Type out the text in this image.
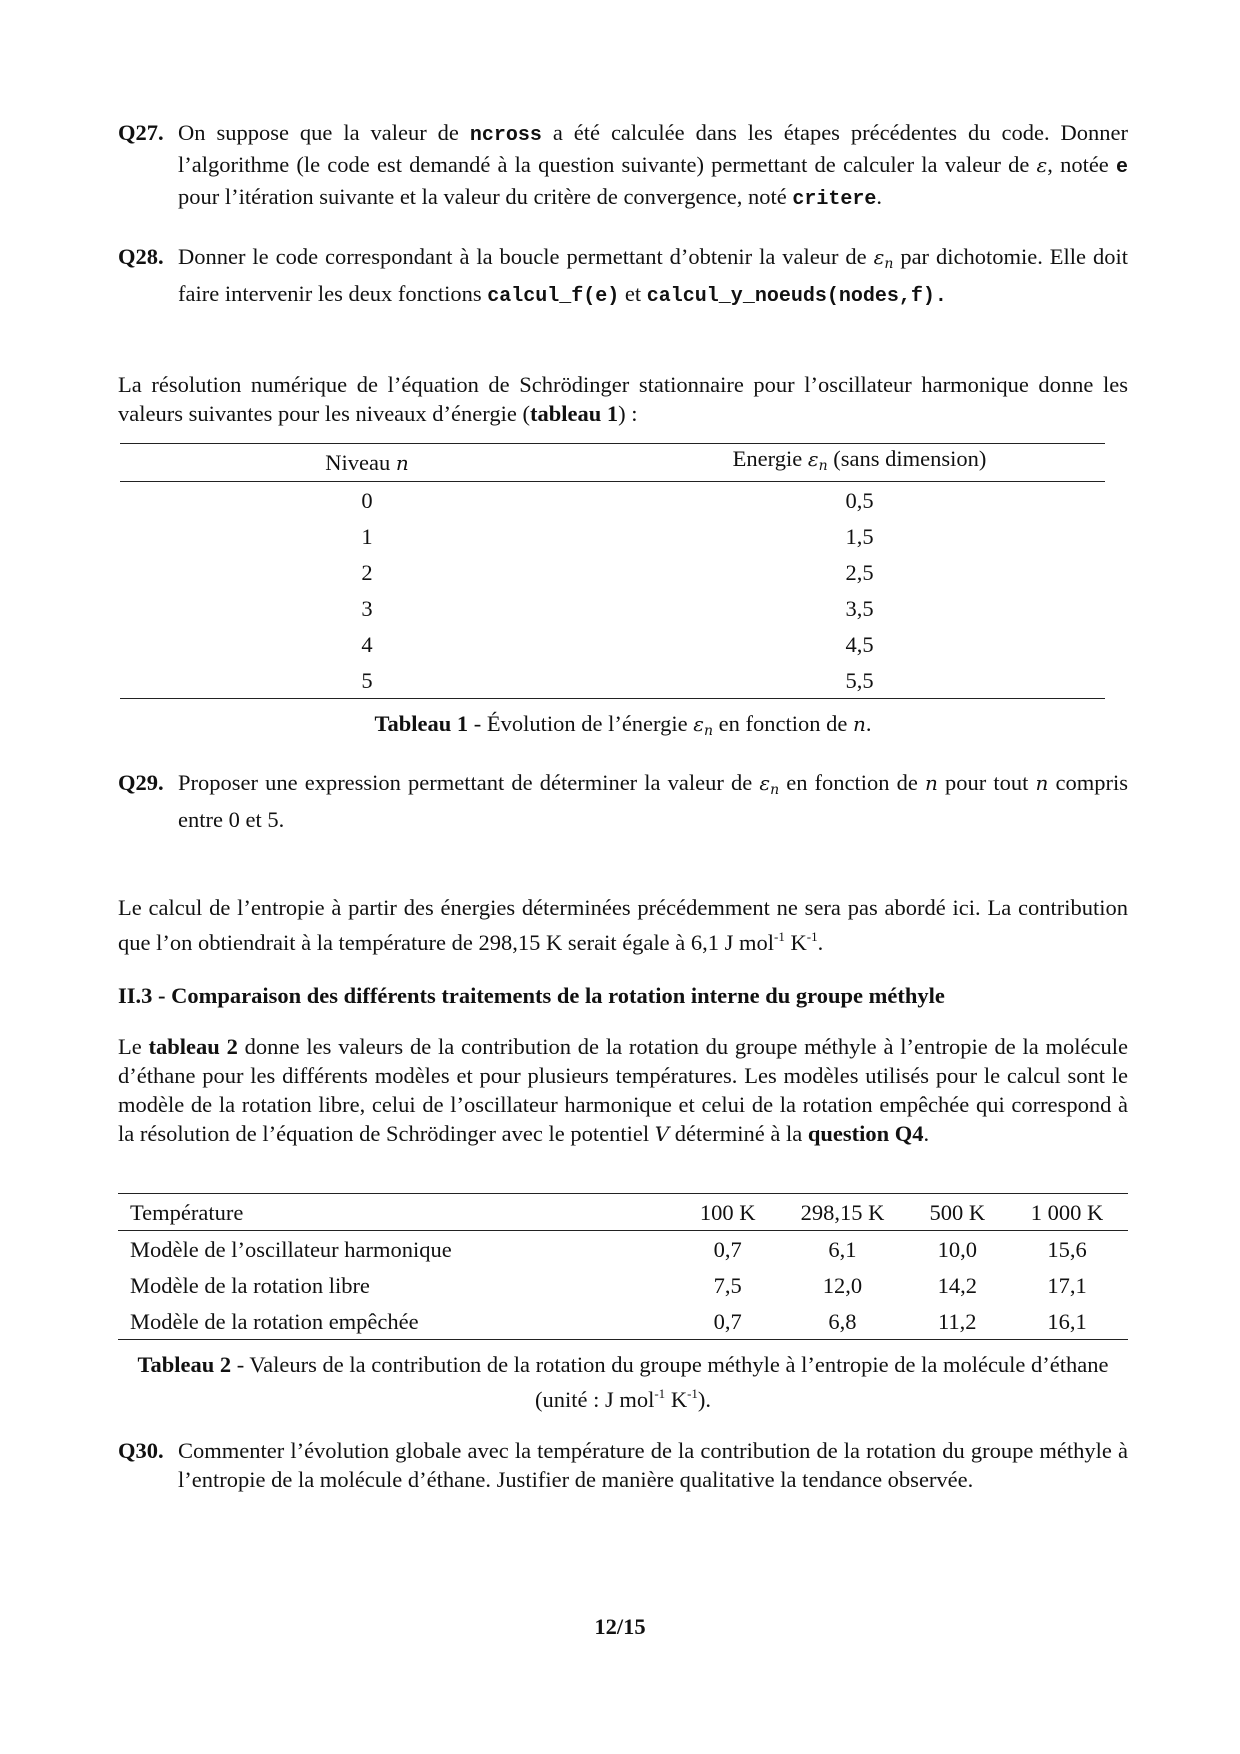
Q27. On suppose que la valeur de ncross a été calculée dans les étapes précédentes du code. Donner l’algorithme (le code est demandé à la question suivante) permettant de calculer la valeur de ε, notée e pour l’itération suivante et la valeur du critère de convergence, noté critere.
Q28. Donner le code correspondant à la boucle permettant d’obtenir la valeur de $\varepsilon_n$ par dichotomie. Elle doit faire intervenir les deux fonctions calcul_f(e) et calcul_y_noeuds(nodes,f).
La résolution numérique de l’équation de Schrödinger stationnaire pour l’oscillateur harmonique donne les valeurs suivantes pour les niveaux d’énergie (tableau 1) :
Niveau n	Energie $\varepsilon_n$ (sans dimension)
0	0,5
1	1,5
2	2,5
3	3,5
4	4,5
5	5,5
Tableau 1 - Évolution de l’énergie $\varepsilon_n$ en fonction de n.
Q29. Proposer une expression permettant de déterminer la valeur de $\varepsilon_n$ en fonction de n pour tout n compris entre 0 et 5.
Le calcul de l’entropie à partir des énergies déterminées précédemment ne sera pas abordé ici. La contribution que l’on obtiendrait à la température de 298,15 K serait égale à 6,1 J mol$^{-1}$ $K^{-1}$.
II.3 - Comparaison des différents traitements de la rotation interne du groupe méthyle
Le tableau 2 donne les valeurs de la contribution de la rotation du groupe méthyle à l’entropie de la molécule d’éthane pour les différents modèles et pour plusieurs températures. Les modèles utilisés pour le calcul sont le modèle de la rotation libre, celui de l’oscillateur harmonique et celui de la rotation empêchée qui correspond à la résolution de l’équation de Schrödinger avec le potentiel V déterminé à la question Q4.
Température	100 K	298,15 K	500 K	1 000 K
Modèle de l’oscillateur harmonique	0,7	6,1	10,0	15,6
Modèle de la rotation libre	7,5	12,0	14,2	17,1
Modèle de la rotation empêchée	0,7	6,8	11,2	16,1
Tableau 2 - Valeurs de la contribution de la rotation du groupe méthyle à l’entropie de la molécule d’éthane (unité : J mol$^{-1}$ $K^{-1}$).
Q30. Commenter l’évolution globale avec la température de la contribution de la rotation du groupe méthyle à l’entropie de la molécule d’éthane. Justifier de manière qualitative la tendance observée.
12/15
